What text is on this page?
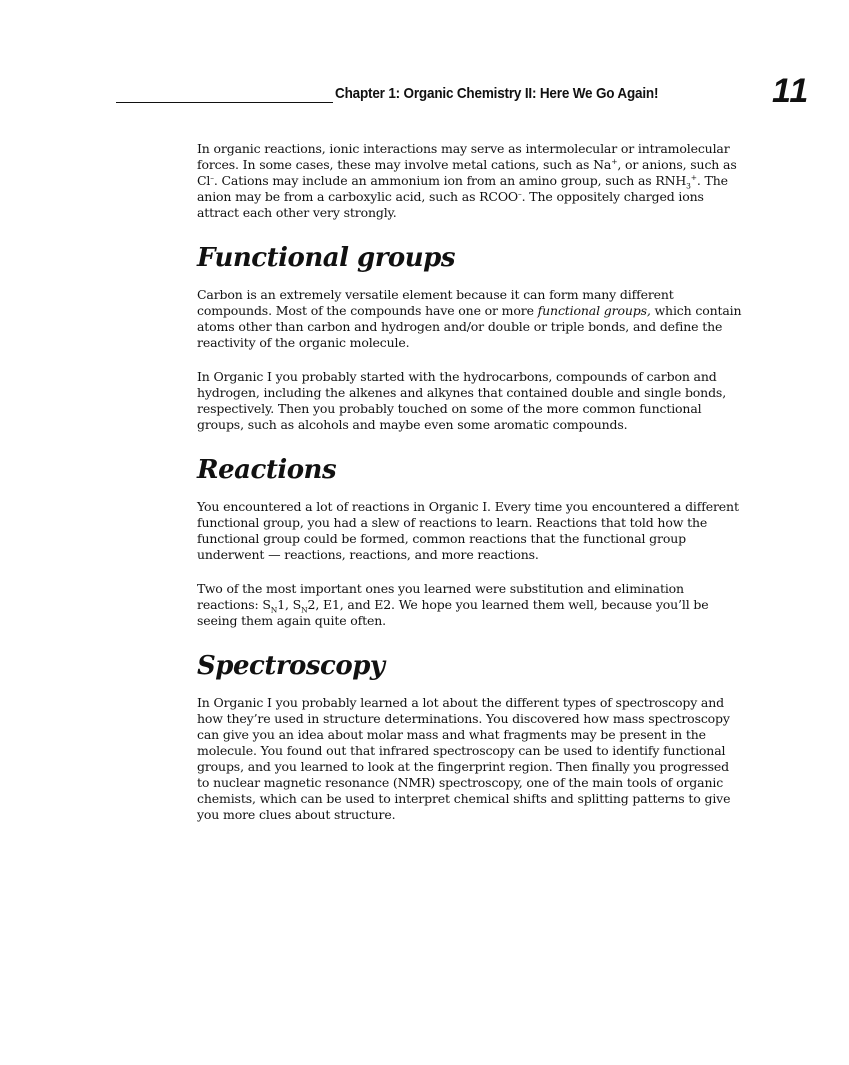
Chapter 1: Organic Chemistry II: Here We Go Again!	11

In organic reactions, ionic interactions may serve as intermolecular or intramolecular forces. In some cases, these may involve metal cations, such as Na+, or anions, such as Cl–. Cations may include an ammonium ion from an amino group, such as $RNH_3^+$. The anion may be from a carboxylic acid, such as RCOO–. The oppositely charged ions attract each other very strongly.

Functional groups

Carbon is an extremely versatile element because it can form many different compounds. Most of the compounds have one or more functional groups, which contain atoms other than carbon and hydrogen and/or double or triple bonds, and define the reactivity of the organic molecule.

In Organic I you probably started with the hydrocarbons, compounds of carbon and hydrogen, including the alkenes and alkynes that contained double and single bonds, respectively. Then you probably touched on some of the more common functional groups, such as alcohols and maybe even some aromatic compounds.

Reactions

You encountered a lot of reactions in Organic I. Every time you encountered a different functional group, you had a slew of reactions to learn. Reactions that told how the functional group could be formed, common reactions that the functional group underwent — reactions, reactions, and more reactions.

Two of the most important ones you learned were substitution and elimination reactions: $S_N1$, $S_N2$, E1, and E2. We hope you learned them well, because you’ll be seeing them again quite often.

Spectroscopy

In Organic I you probably learned a lot about the different types of spectroscopy and how they’re used in structure determinations. You discovered how mass spectroscopy can give you an idea about molar mass and what fragments may be present in the molecule. You found out that infrared spectroscopy can be used to identify functional groups, and you learned to look at the fingerprint region. Then finally you progressed to nuclear magnetic resonance (NMR) spectroscopy, one of the main tools of organic chemists, which can be used to interpret chemical shifts and splitting patterns to give you more clues about structure.
